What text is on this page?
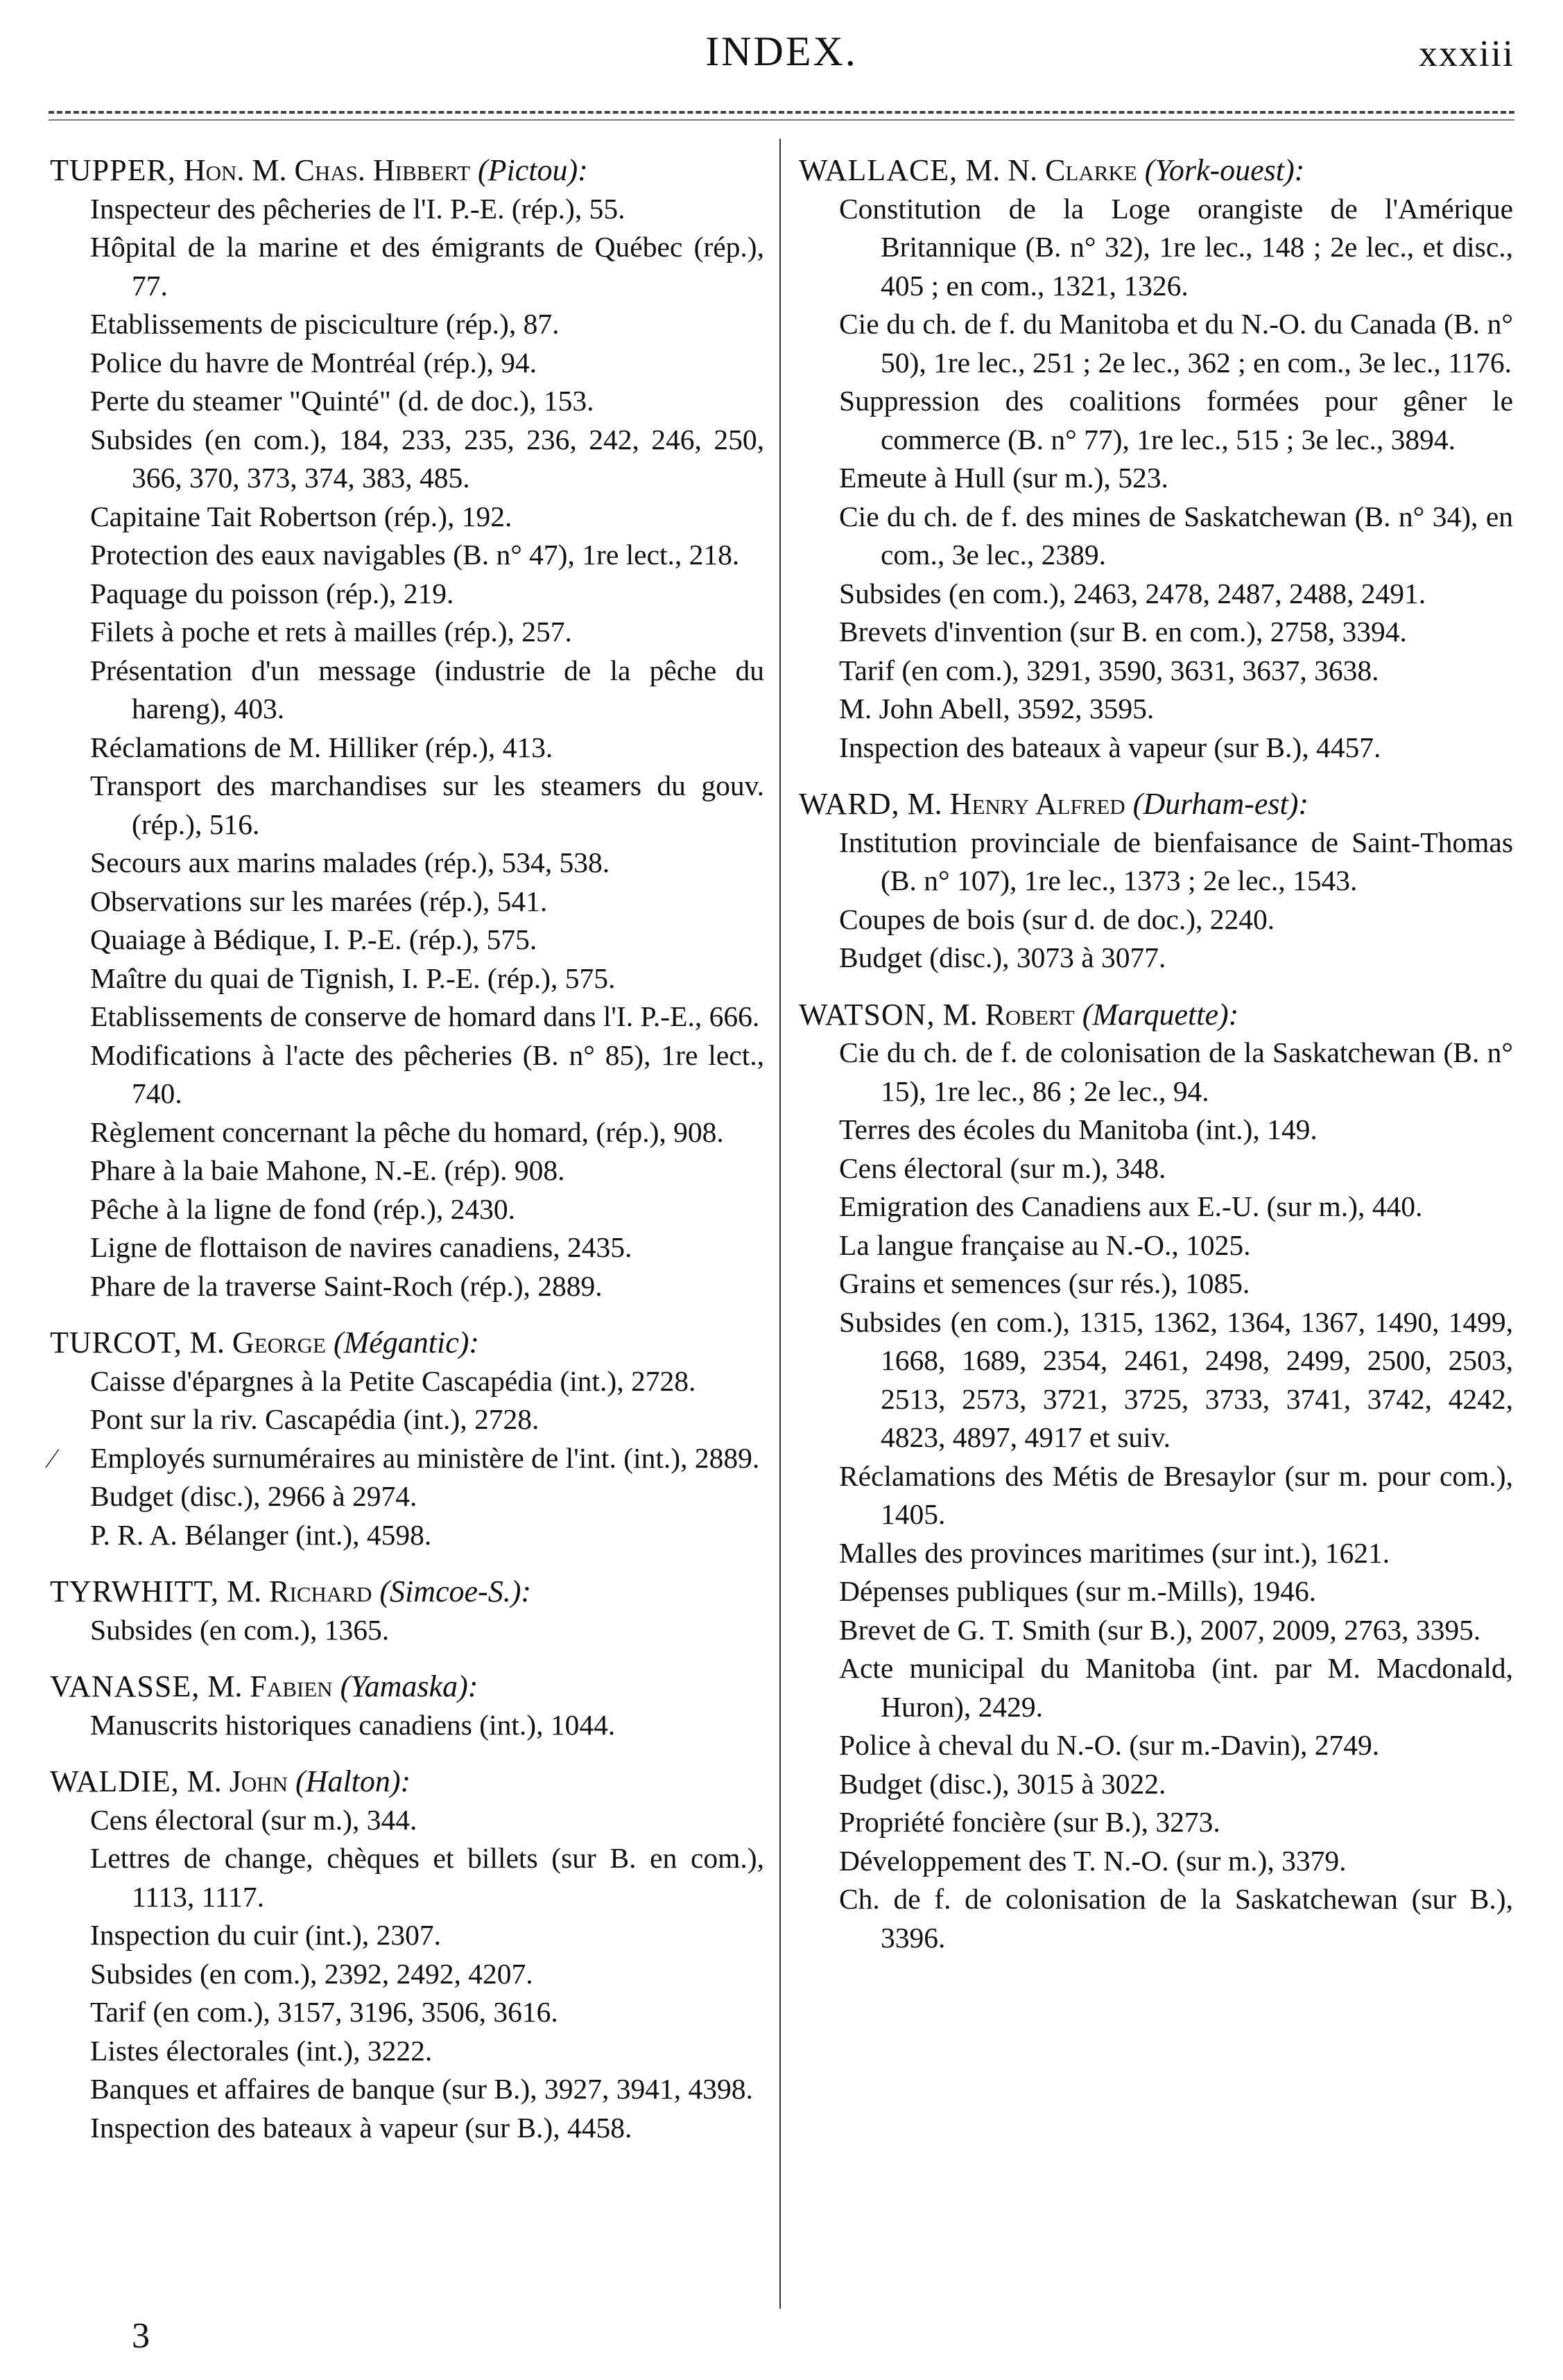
INDEX.	xxxiii
TUPPER, Hon. M. Chas. Hibbert (Pictou):
Inspecteur des pêcheries de l'I. P.-E. (rép.), 55.
Hôpital de la marine et des émigrants de Québec (rép.), 77.
Etablissements de pisciculture (rép.), 87.
Police du havre de Montréal (rép.), 94.
Perte du steamer "Quinté" (d. de doc.), 153.
Subsides (en com.), 184, 233, 235, 236, 242, 246, 250, 366, 370, 373, 374, 383, 485.
Capitaine Tait Robertson (rép.), 192.
Protection des eaux navigables (B. n° 47), 1re lect., 218.
Paquage du poisson (rép.), 219.
Filets à poche et rets à mailles (rép.), 257.
Présentation d'un message (industrie de la pêche du hareng), 403.
Réclamations de M. Hilliker (rép.), 413.
Transport des marchandises sur les steamers du gouv. (rép.), 516.
Secours aux marins malades (rép.), 534, 538.
Observations sur les marées (rép.), 541.
Quaiage à Bédique, I. P.-E. (rép.), 575.
Maître du quai de Tignish, I. P.-E. (rép.), 575.
Etablissements de conserve de homard dans l'I. P.-E., 666.
Modifications à l'acte des pêcheries (B. n° 85), 1re lect., 740.
Règlement concernant la pêche du homard, (rép.), 908.
Phare à la baie Mahone, N.-E. (rép). 908.
Pêche à la ligne de fond (rép.), 2430.
Ligne de flottaison de navires canadiens, 2435.
Phare de la traverse Saint-Roch (rép.), 2889.
TURCOT, M. George (Mégantic):
Caisse d'épargnes à la Petite Cascapédia (int.), 2728.
Pont sur la riv. Cascapédia (int.), 2728.
Employés surnuméraires au ministère de l'int. (int.), 2889.
Budget (disc.), 2966 à 2974.
P. R. A. Bélanger (int.), 4598.
TYRWHITT, M. Richard (Simcoe-S.):
Subsides (en com.), 1365.
VANASSE, M. Fabien (Yamaska):
Manuscrits historiques canadiens (int.), 1044.
WALDIE, M. John (Halton):
Cens électoral (sur m.), 344.
Lettres de change, chèques et billets (sur B. en com.), 1113, 1117.
Inspection du cuir (int.), 2307.
Subsides (en com.), 2392, 2492, 4207.
Tarif (en com.), 3157, 3196, 3506, 3616.
Listes électorales (int.), 3222.
Banques et affaires de banque (sur B.), 3927, 3941, 4398.
Inspection des bateaux à vapeur (sur B.), 4458.
WALLACE, M. N. Clarke (York-ouest):
Constitution de la Loge orangiste de l'Amérique Britannique (B. n° 32), 1re lec., 148 ; 2e lec., et disc., 405 ; en com., 1321, 1326.
Cie du ch. de f. du Manitoba et du N.-O. du Canada (B. n° 50), 1re lec., 251 ; 2e lec., 362 ; en com., 3e lec., 1176.
Suppression des coalitions formées pour gêner le commerce (B. n° 77), 1re lec., 515 ; 3e lec., 3894.
Emeute à Hull (sur m.), 523.
Cie du ch. de f. des mines de Saskatchewan (B. n° 34), en com., 3e lec., 2389.
Subsides (en com.), 2463, 2478, 2487, 2488, 2491.
Brevets d'invention (sur B. en com.), 2758, 3394.
Tarif (en com.), 3291, 3590, 3631, 3637, 3638.
M. John Abell, 3592, 3595.
Inspection des bateaux à vapeur (sur B.), 4457.
WARD, M. Henry Alfred (Durham-est):
Institution provinciale de bienfaisance de Saint-Thomas (B. n° 107), 1re lec., 1373 ; 2e lec., 1543.
Coupes de bois (sur d. de doc.), 2240.
Budget (disc.), 3073 à 3077.
WATSON, M. Robert (Marquette):
Cie du ch. de f. de colonisation de la Saskatchewan (B. n° 15), 1re lec., 86 ; 2e lec., 94.
Terres des écoles du Manitoba (int.), 149.
Cens électoral (sur m.), 348.
Emigration des Canadiens aux E.-U. (sur m.), 440.
La langue française au N.-O., 1025.
Grains et semences (sur rés.), 1085.
Subsides (en com.), 1315, 1362, 1364, 1367, 1490, 1499, 1668, 1689, 2354, 2461, 2498, 2499, 2500, 2503, 2513, 2573, 3721, 3725, 3733, 3741, 3742, 4242, 4823, 4897, 4917 et suiv.
Réclamations des Métis de Bresaylor (sur m. pour com.), 1405.
Malles des provinces maritimes (sur int.), 1621.
Dépenses publiques (sur m.-Mills), 1946.
Brevet de G. T. Smith (sur B.), 2007, 2009, 2763, 3395.
Acte municipal du Manitoba (int. par M. Macdonald, Huron), 2429.
Police à cheval du N.-O. (sur m.-Davin), 2749.
Budget (disc.), 3015 à 3022.
Propriété foncière (sur B.), 3273.
Développement des T. N.-O. (sur m.), 3379.
Ch. de f. de colonisation de la Saskatchewan (sur B.), 3396.
⁄
3
